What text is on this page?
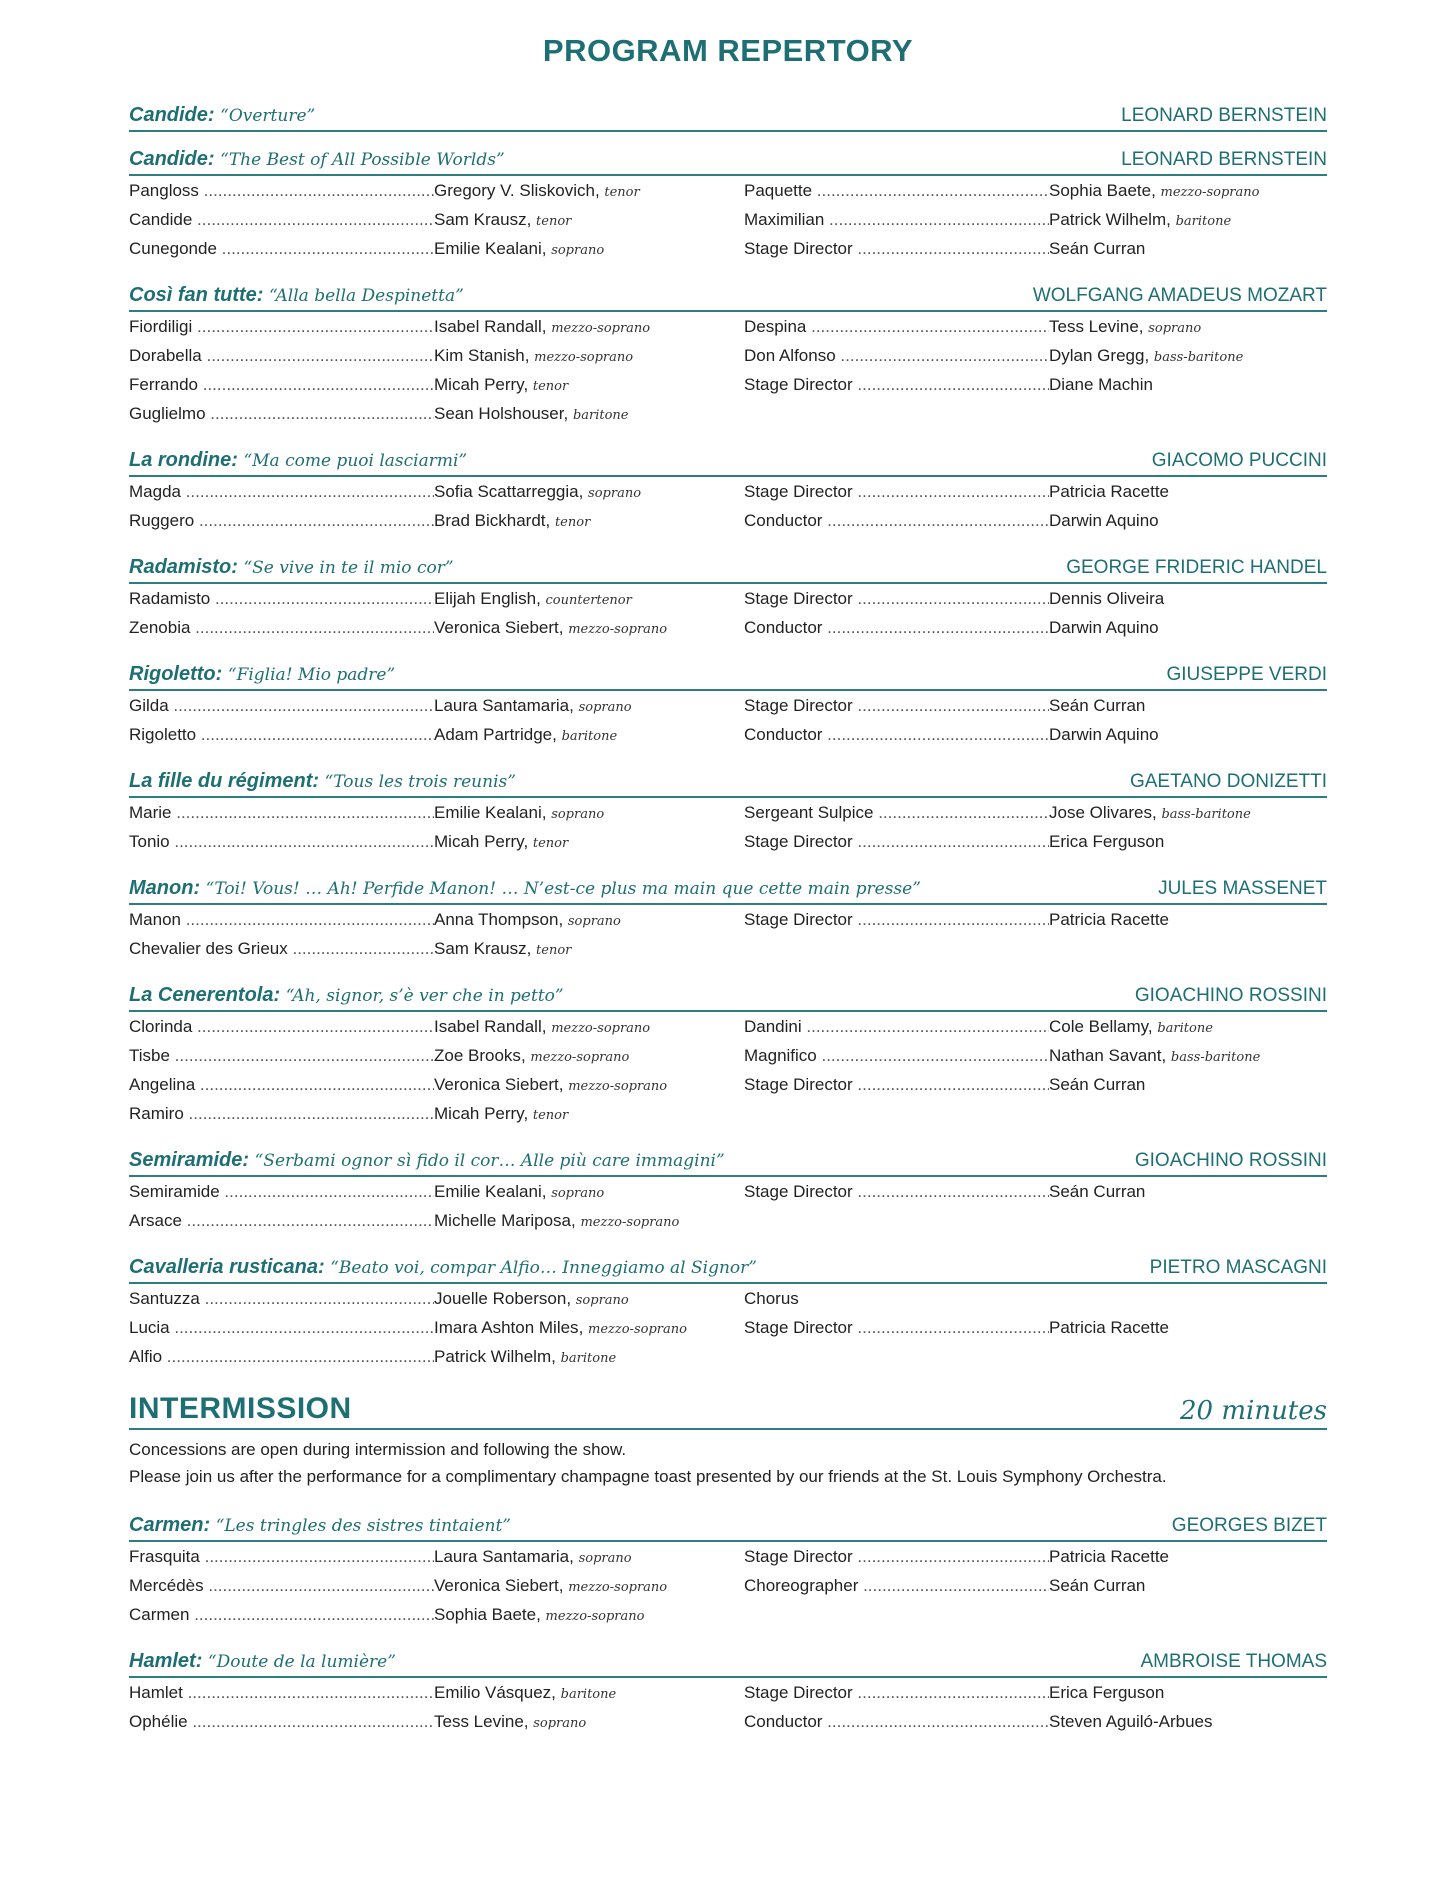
PROGRAM REPERTORY
Candide: “Overture”	LEONARD BERNSTEIN
Candide: “The Best of All Possible Worlds”	LEONARD BERNSTEIN
Pangloss .....	Gregory V. Sliskovich, tenor
Candide .....	Sam Krausz, tenor
Cunegonde .....	Emilie Kealani, soprano
Paquette .....	Sophia Baete, mezzo-soprano
Maximilian .....	Patrick Wilhelm, baritone
Stage Director .....	Seán Curran
Così fan tutte: “Alla bella Despinetta”	WOLFGANG AMADEUS MOZART
Fiordiligi .....	Isabel Randall, mezzo-soprano
Dorabella .....	Kim Stanish, mezzo-soprano
Ferrando .....	Micah Perry, tenor
Guglielmo .....	Sean Holshouser, baritone
Despina .....	Tess Levine, soprano
Don Alfonso .....	Dylan Gregg, bass-baritone
Stage Director .....	Diane Machin
La rondine: “Ma come puoi lasciarmi”	GIACOMO PUCCINI
Magda .....	Sofia Scattarreggia, soprano
Ruggero .....	Brad Bickhardt, tenor
Stage Director .....	Patricia Racette
Conductor .....	Darwin Aquino
Radamisto: “Se vive in te il mio cor”	GEORGE FRIDERIC HANDEL
Radamisto .....	Elijah English, countertenor
Zenobia .....	Veronica Siebert, mezzo-soprano
Stage Director .....	Dennis Oliveira
Conductor .....	Darwin Aquino
Rigoletto: “Figlia! Mio padre”	GIUSEPPE VERDI
Gilda .....	Laura Santamaria, soprano
Rigoletto .....	Adam Partridge, baritone
Stage Director .....	Seán Curran
Conductor .....	Darwin Aquino
La fille du régiment: “Tous les trois reunis”	GAETANO DONIZETTI
Marie .....	Emilie Kealani, soprano
Tonio .....	Micah Perry, tenor
Sergeant Sulpice .....	Jose Olivares, bass-baritone
Stage Director .....	Erica Ferguson
Manon: “Toi! Vous! … Ah! Perfide Manon! … N’est-ce plus ma main que cette main presse”	JULES MASSENET
Manon .....	Anna Thompson, soprano
Chevalier des Grieux .....	Sam Krausz, tenor
Stage Director .....	Patricia Racette
La Cenerentola: “Ah, signor, s’è ver che in petto”	GIOACHINO ROSSINI
Clorinda .....	Isabel Randall, mezzo-soprano
Tisbe .....	Zoe Brooks, mezzo-soprano
Angelina .....	Veronica Siebert, mezzo-soprano
Ramiro .....	Micah Perry, tenor
Dandini .....	Cole Bellamy, baritone
Magnifico .....	Nathan Savant, bass-baritone
Stage Director .....	Seán Curran
Semiramide: “Serbami ognor sì fido il cor… Alle più care immagini”	GIOACHINO ROSSINI
Semiramide .....	Emilie Kealani, soprano
Arsace .....	Michelle Mariposa, mezzo-soprano
Stage Director .....	Seán Curran
Cavalleria rusticana: “Beato voi, compar Alfio… Inneggiamo al Signor”	PIETRO MASCAGNI
Santuzza .....	Jouelle Roberson, soprano
Lucia .....	Imara Ashton Miles, mezzo-soprano
Alfio .....	Patrick Wilhelm, baritone
Chorus
Stage Director .....	Patricia Racette
INTERMISSION	20 minutes
Concessions are open during intermission and following the show.
Please join us after the performance for a complimentary champagne toast presented by our friends at the St. Louis Symphony Orchestra.
Carmen: “Les tringles des sistres tintaient”	GEORGES BIZET
Frasquita .....	Laura Santamaria, soprano
Mercédès .....	Veronica Siebert, mezzo-soprano
Carmen .....	Sophia Baete, mezzo-soprano
Stage Director .....	Patricia Racette
Choreographer .....	Seán Curran
Hamlet: “Doute de la lumière”	AMBROISE THOMAS
Hamlet .....	Emilio Vásquez, baritone
Ophélie .....	Tess Levine, soprano
Stage Director .....	Erica Ferguson
Conductor .....	Steven Aguiló-Arbues
